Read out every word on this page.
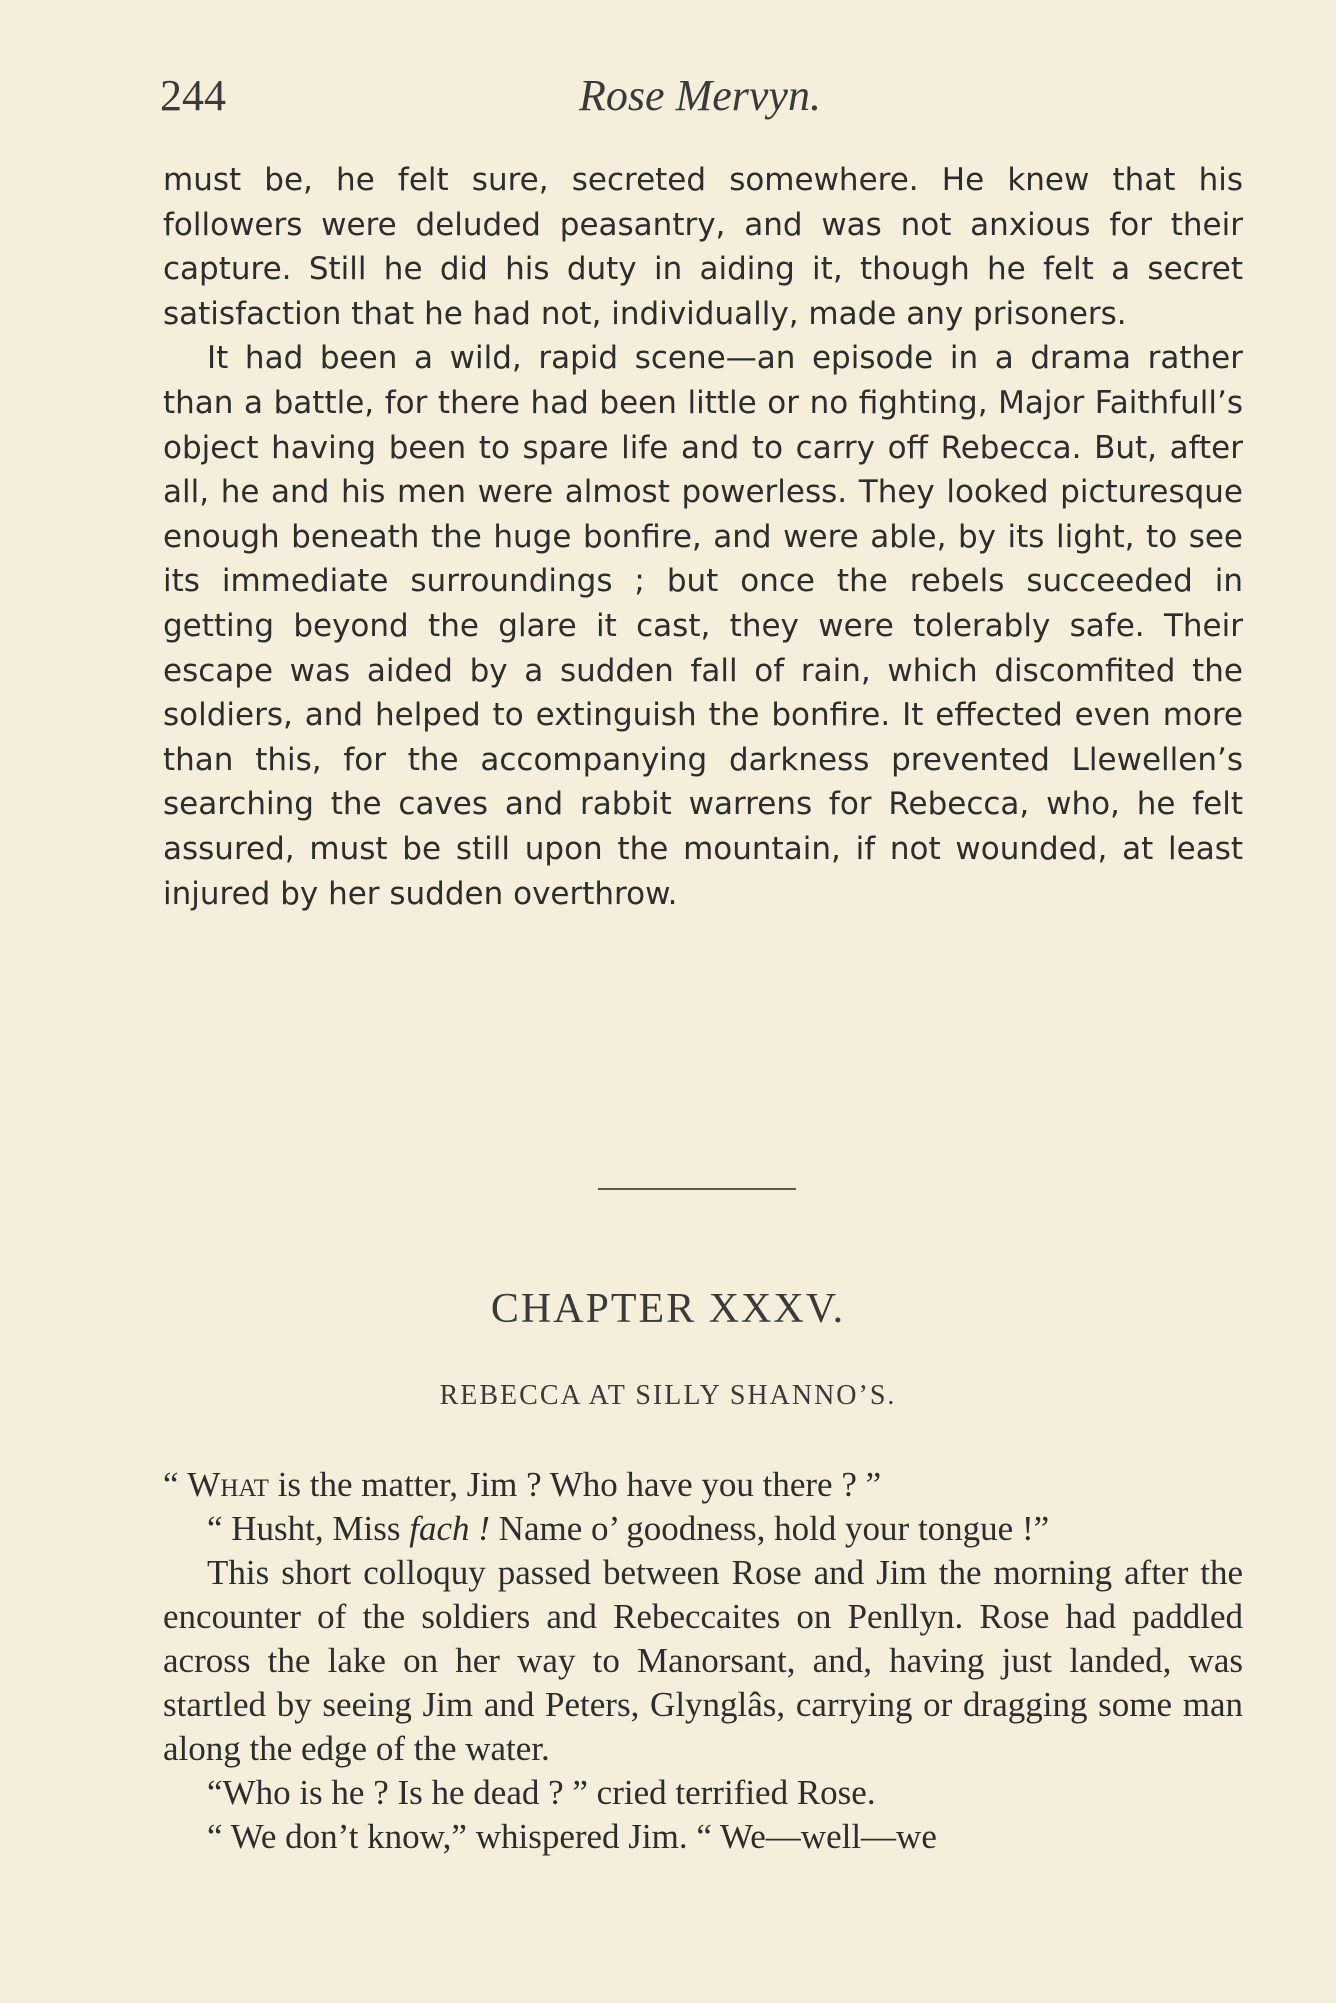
244	Rose Mervyn.

must be, he felt sure, secreted somewhere. He knew that his followers were deluded peasantry, and was not anxious for their capture. Still he did his duty in aiding it, though he felt a secret satisfaction that he had not, individually, made any prisoners.

It had been a wild, rapid scene—an episode in a drama rather than a battle, for there had been little or no fighting, Major Faithfull’s object having been to spare life and to carry off Rebecca. But, after all, he and his men were almost powerless. They looked picturesque enough beneath the huge bonfire, and were able, by its light, to see its immediate surroundings ; but once the rebels succeeded in getting beyond the glare it cast, they were tolerably safe. Their escape was aided by a sudden fall of rain, which discomfited the soldiers, and helped to extinguish the bonfire. It effected even more than this, for the accompanying darkness prevented Llewellen’s searching the caves and rabbit warrens for Rebecca, who, he felt assured, must be still upon the mountain, if not wounded, at least injured by her sudden overthrow.

CHAPTER XXXV.
REBECCA AT SILLY SHANNO’S.

“ What is the matter, Jim ? Who have you there ? ”

“ Husht, Miss fach ! Name o’ goodness, hold your tongue !”

This short colloquy passed between Rose and Jim the morning after the encounter of the soldiers and Rebeccaites on Penllyn. Rose had paddled across the lake on her way to Manorsant, and, having just landed, was startled by seeing Jim and Peters, Glynglâs, carrying or dragging some man along the edge of the water.

“Who is he ? Is he dead ? ” cried terrified Rose.

“ We don’t know,” whispered Jim. “ We—well—we
